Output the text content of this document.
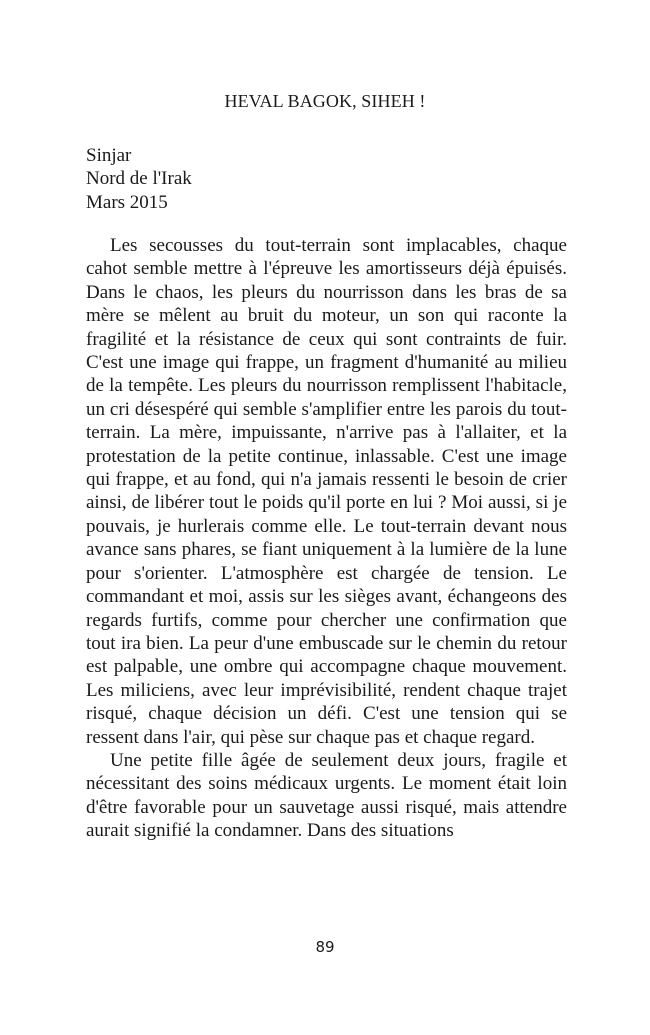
HEVAL BAGOK, SIHEH !
Sinjar
Nord de l'Irak
Mars 2015

Les secousses du tout-terrain sont implacables, chaque cahot semble mettre à l'épreuve les amortisseurs déjà épuisés. Dans le chaos, les pleurs du nourrisson dans les bras de sa mère se mêlent au bruit du moteur, un son qui raconte la fragilité et la résistance de ceux qui sont contraints de fuir. C'est une image qui frappe, un fragment d'humanité au milieu de la tempête. Les pleurs du nourrisson remplissent l'habitacle, un cri désespéré qui semble s'amplifier entre les parois du tout-terrain. La mère, impuissante, n'arrive pas à l'allaiter, et la protestation de la petite continue, inlassable. C'est une image qui frappe, et au fond, qui n'a jamais ressenti le besoin de crier ainsi, de libérer tout le poids qu'il porte en lui ? Moi aussi, si je pouvais, je hurlerais comme elle. Le tout-terrain devant nous avance sans phares, se fiant uniquement à la lumière de la lune pour s'orienter. L'atmosphère est chargée de tension. Le commandant et moi, assis sur les sièges avant, échangeons des regards furtifs, comme pour chercher une confirmation que tout ira bien. La peur d'une embuscade sur le chemin du retour est palpable, une ombre qui accompagne chaque mouvement. Les miliciens, avec leur imprévisibilité, rendent chaque trajet risqué, chaque décision un défi. C'est une tension qui se ressent dans l'air, qui pèse sur chaque pas et chaque regard.

Une petite fille âgée de seulement deux jours, fragile et nécessitant des soins médicaux urgents. Le moment était loin d'être favorable pour un sauvetage aussi risqué, mais attendre aurait signifié la condamner. Dans des situations

89
